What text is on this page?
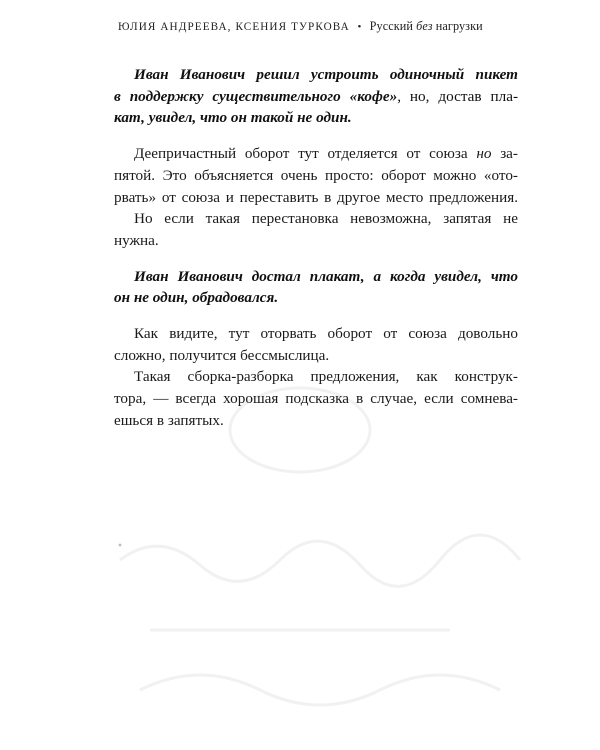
ЮЛИЯ АНДРЕЕВА, КСЕНИЯ ТУРКОВА • Русский без нагрузки

Иван Иванович решил устроить одиночный пикет
в поддержку существительного «кофе», но, достав пла-
кат, увидел, что он такой не один.

Деепричастный оборот тут отделяется от союза но за-
пятой. Это объясняется очень просто: оборот можно «ото-
рвать» от союза и переставить в другое место предложения.

Но если такая перестановка невозможна, запятая не
нужна.

Иван Иванович достал плакат, а когда увидел, что
он не один, обрадовался.

Как видите, тут оторвать оборот от союза довольно
сложно, получится бессмыслица.

Такая сборка-разборка предложения, как конструк-
тора, — всегда хорошая подсказка в случае, если сомнева-
ешься в запятых.
